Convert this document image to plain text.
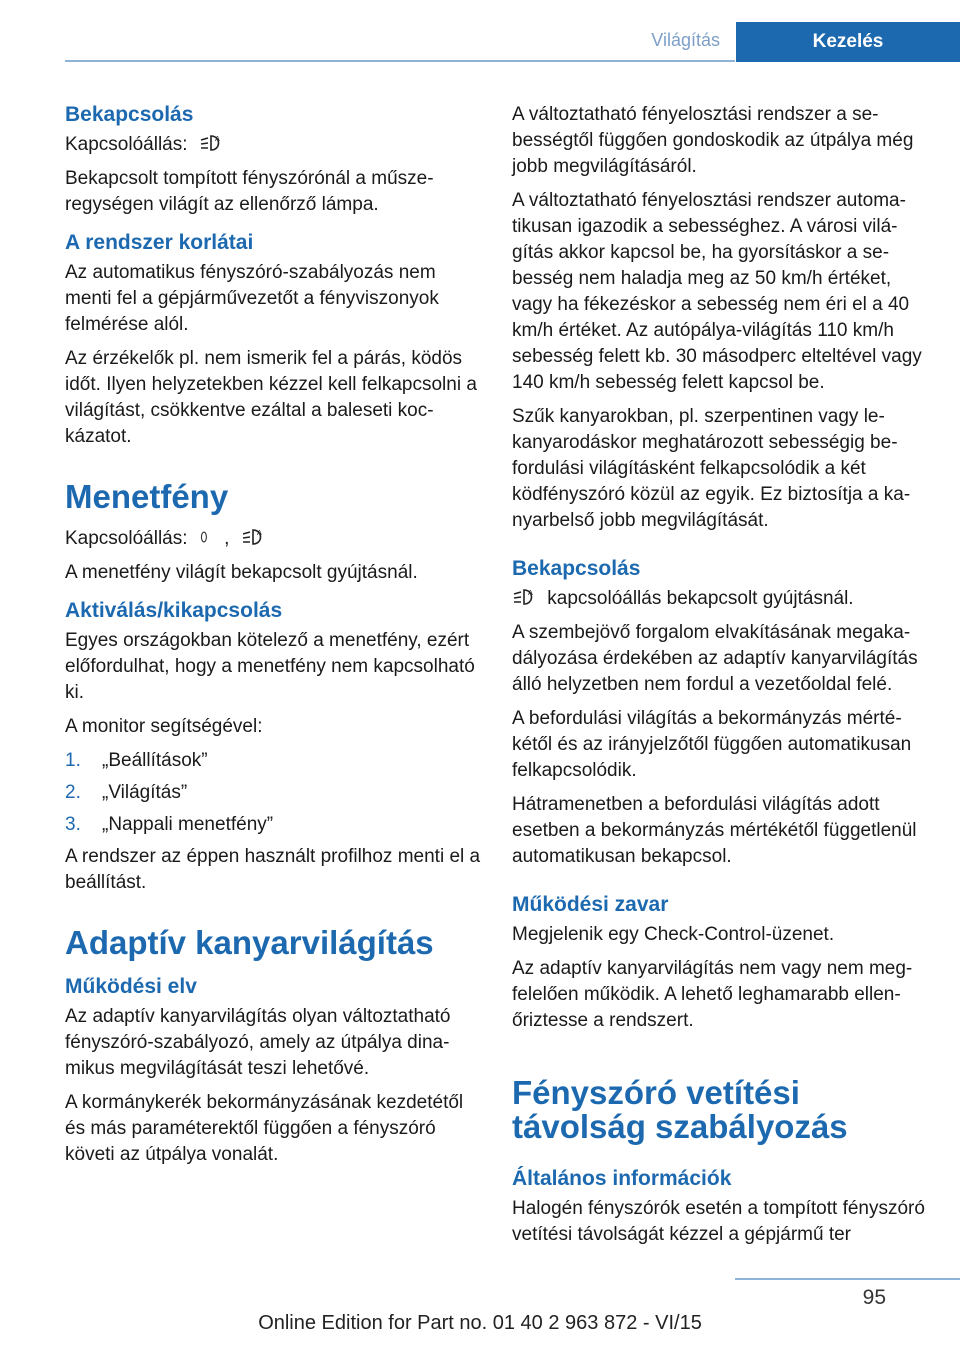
Világítás	Kezelés
Bekapcsolás

Kapcsolóállás:	A

Bekapcsolt tompított fényszórónál a műszeregységen világít az ellenőrző lámpa.

A rendszer korlátai

Az automatikus fényszóró-szabályozás nem menti fel a gépjárművezetőt a fényviszonyok felmérése alól.

Az érzékelők pl. nem ismerik fel a párás, ködös időt. Ilyen helyzetekben kézzel kell felkapcsolni a világítást, csökkentve ezáltal a baleseti kockázatot.

Menetfény

Kapcsolóállás: ,	A

A menetfény világít bekapcsolt gyújtásnál.

Aktiválás/kikapcsolás

Egyes országokban kötelező a menetfény, ezért előfordulhat, hogy a menetfény nem kapcsolható ki.

A monitor segítségével:

1. „Beállítások”
2. „Világítás”
3. „Nappali menetfény”

A rendszer az éppen használt profilhoz menti el a beállítást.

Adaptív kanyarvilágítás
Működési elv

Az adaptív kanyarvilágítás olyan változtatható fényszóró-szabályozó, amely az útpálya dinamikus megvilágítását teszi lehetővé.

A kormánykerék bekormányzásának kezdetétől és más paraméterektől függően a fényszóró követi az útpálya vonalát.

A változtatható fényelosztási rendszer a sebességtől függően gondoskodik az útpálya még jobb megvilágításáról.

A változtatható fényelosztási rendszer automatikusan igazodik a sebességhez. A városi világítás akkor kapcsol be, ha gyorsításkor a sebesség nem haladja meg az 50 km/h értéket, vagy ha fékezéskor a sebesség nem éri el a 40 km/h értéket. Az autópálya-világítás 110 km/h sebesség felett kb. 30 másodperc elteltével vagy 140 km/h sebesség felett kapcsol be.

Szűk kanyarokban, pl. szerpentinen vagy lekanyarodáskor meghatározott sebességig befordulási világításként felkapcsolódik a két ködfényszóró közül az egyik. Ez biztosítja a kanyarbelső jobb megvilágítását.

Bekapcsolás

A kapcsolóállás bekapcsolt gyújtásnál.

A szembejövő forgalom elvakításának megakadályozása érdekében az adaptív kanyarvilágítás álló helyzetben nem fordul a vezetőoldal felé.

A befordulási világítás a bekormányzás mértékétől és az irányjelzőtől függően automatikusan felkapcsolódik.

Hátramenetben a befordulási világítás adott esetben a bekormányzás mértékétől függetlenül automatikusan bekapcsol.

Működési zavar

Megjelenik egy Check-Control-üzenet.

Az adaptív kanyarvilágítás nem vagy nem megfelelően működik. A lehető leghamarabb ellenőriztesse a rendszert.

Fényszóró vetítési távolság szabályozás
Általános információk

Halogén fényszórók esetén a tompított fényszóró vetítési távolságát kézzel a gépjármű ter

95
Online Edition for Part no. 01 40 2 963 872 - VI/15
